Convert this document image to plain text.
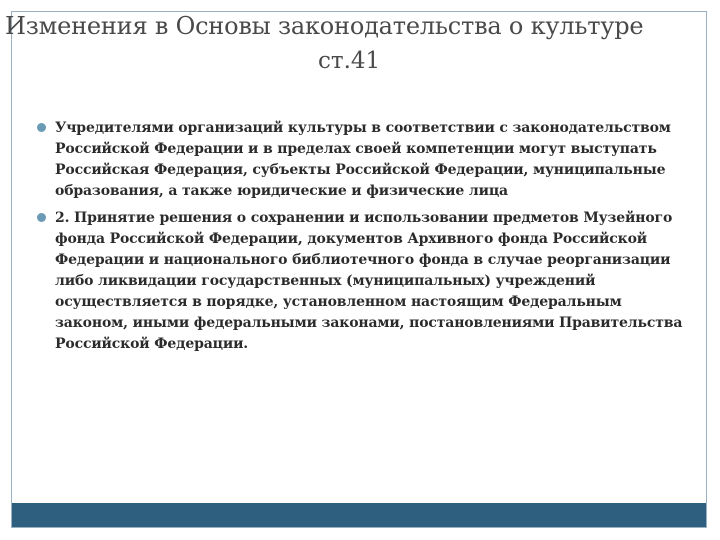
Изменения в Основы законодательства о культуре
ст.41
Учредителями организаций культуры в соответствии с законодательством Российской Федерации и в пределах своей компетенции могут выступать Российская Федерация, субъекты Российской Федерации, муниципальные образования, а также юридические и физические лица
2. Принятие решения о сохранении и использовании предметов Музейного фонда Российской Федерации, документов Архивного фонда Российской Федерации и национального библиотечного фонда в случае реорганизации либо ликвидации государственных (муниципальных) учреждений осуществляется в порядке, установленном настоящим Федеральным законом, иными федеральными законами, постановлениями Правительства Российской Федерации.
